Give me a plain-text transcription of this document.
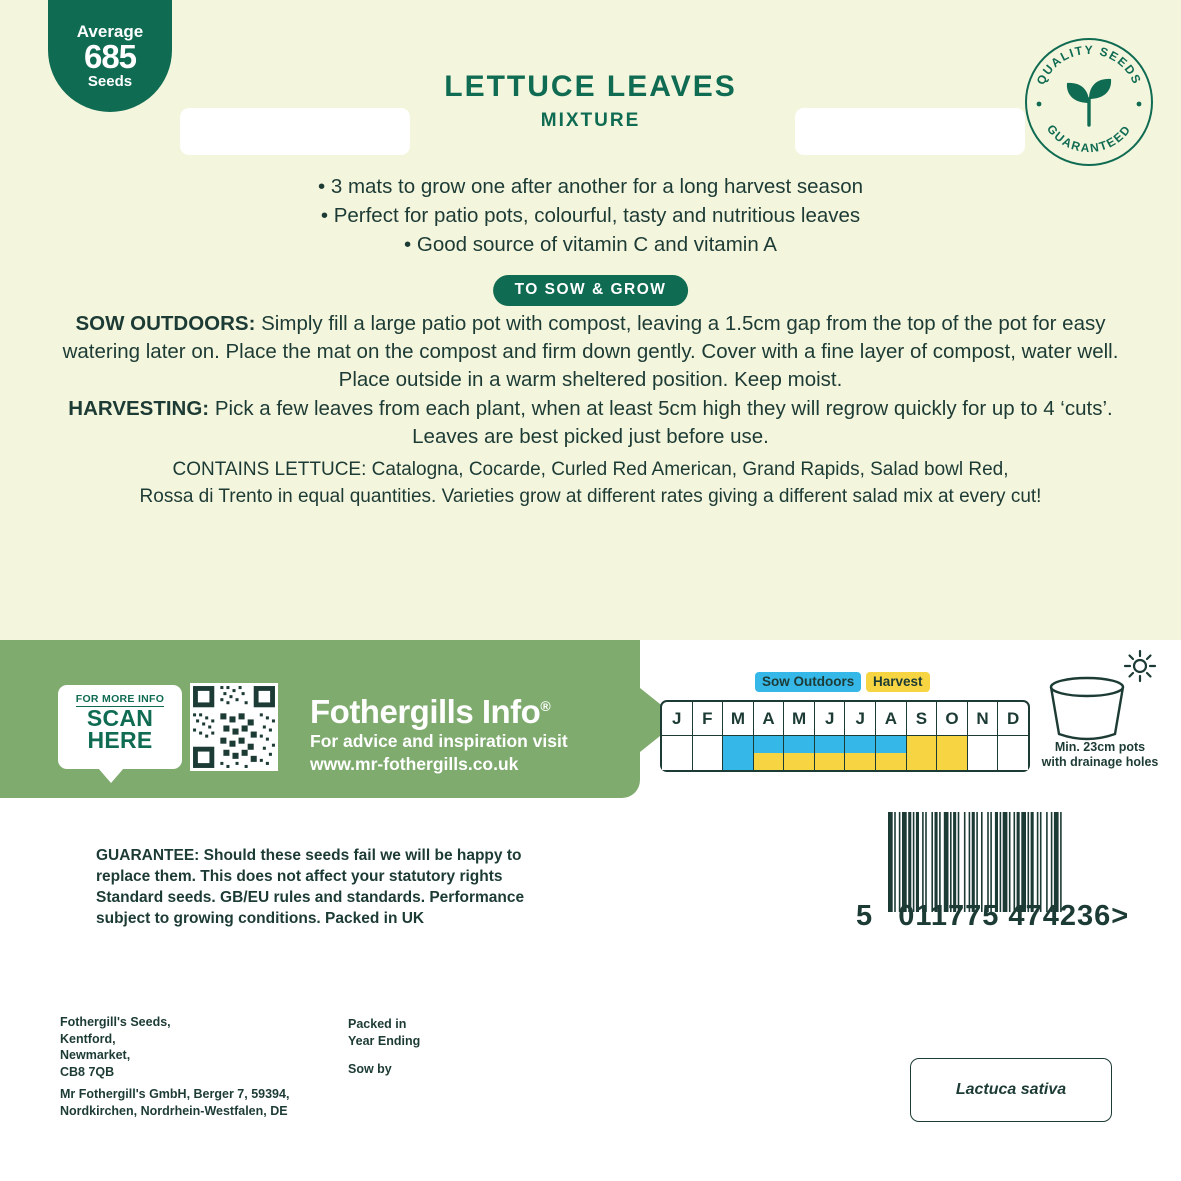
Average
685
Seeds	QUALITY SEEDS
GUARANTEED
LETTUCE LEAVES
MIXTURE
• 3 mats to grow one after another for a long harvest season
• Perfect for patio pots, colourful, tasty and nutritious leaves
• Good source of vitamin C and vitamin A
TO SOW & GROW
SOW OUTDOORS: Simply fill a large patio pot with compost, leaving a 1.5cm gap from the top of the pot for easy watering later on. Place the mat on the compost and firm down gently. Cover with a fine layer of compost, water well. Place outside in a warm sheltered position. Keep moist.
HARVESTING: Pick a few leaves from each plant, when at least 5cm high they will regrow quickly for up to 4 ‘cuts’. Leaves are best picked just before use.
CONTAINS LETTUCE: Catalogna, Cocarde, Curled Red American, Grand Rapids, Salad bowl Red,
Rossa di Trento in equal quantities. Varieties grow at different rates giving a different salad mix at every cut!
FOR MORE INFO
SCAN
HERE
Fothergills Info®
For advice and inspiration visit
www.mr-fothergills.co.uk
Sow Outdoors	Harvest
J	F	M	A	M	J	J	A	S	O	N	D
Min. 23cm pots
with drainage holes
5 011775 474236>
GUARANTEE: Should these seeds fail we will be happy to
replace them. This does not affect your statutory rights
Standard seeds. GB/EU rules and standards. Performance
subject to growing conditions. Packed in UK
Fothergill's Seeds,
Kentford,
Newmarket,
CB8 7QB
Mr Fothergill's GmbH, Berger 7, 59394,
Nordkirchen, Nordrhein-Westfalen, DE
Packed in
Year Ending
Sow by
Lactuca sativa
